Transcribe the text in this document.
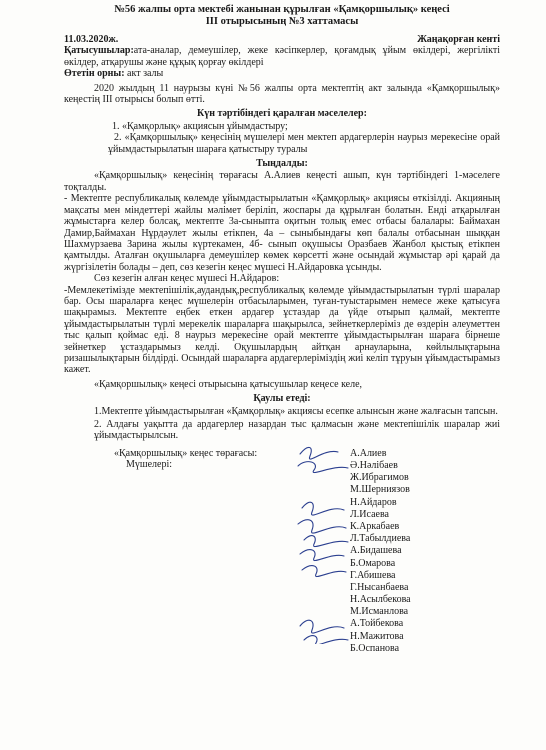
№56 жалпы орта мектебі жанынан құрылған «Қамқоршылық» кеңесі
ІІІ отырысының №3 хаттамасы
11.03.2020ж.	Жаңақорған кенті

Қатысушылар:ата-аналар, демеушілер, жеке кәсіпкерлер, қоғамдық ұйым өкілдері, жергілікті өкілдер, атқарушы және құқық қорғау өкілдері

Өтетін орны: акт залы

2020 жылдың 11 наурызы күні №56 жалпы орта мектептің акт залында «Қамқоршылық» кеңестің ІІІ отырысы болып өтті.

Күн тәртібіндегі қаралған мәселелер:

1. «Қамқорлық» акциясын ұйымдастыру;

2. «Қамқоршылық» кеңесінің мүшелері мен мектеп ардагерлерін наурыз мерекесіне орай ұйымдастырылатын шараға қатыстыру туралы

Тыңдалды:

«Қамқоршылық» кеңесінің төрағасы А.Алиев кеңесті ашып, күн тәртібіндегі 1-мәселеге тоқталды.

- Мектепте республикалық көлемде ұйымдастырылатын «Қамқорлық» акциясы өткізілді. Акцияның мақсаты мен міндеттері жайлы мәлімет беріліп, жоспары да құрылған болатын. Енді атқарылған жұмыстарға келер болсақ, мектепте 3а-сыныпта оқитын толық емес отбасы балалары: Баймахан Дамир,Баймахан Нұрдәулет жылы етікпен, 4а – сыныбындағы көп балалы отбасынан шыққан Шахмурзаева Зарина жылы күртекамен, 4б- сынып оқушысы Оразбаев Жанбол қыстық етікпен қамтылды. Аталған оқушыларға демеушілер көмек көрсетті және осындай жұмыстар әрі қарай да жүргізілетін болады – деп, сөз кезегін кеңес мүшесі Н.Айдаровка ұсынды.

Сөз кезегін алған кеңес мүшесі Н.Айдаров:

-Мемлекетімізде мектепішілік,аудандық,республикалық көлемде ұйымдастырылатын түрлі шаралар бар. Осы шараларға кеңес мүшелерін отбасыларымен, туған-туыстарымен немесе жеке қатысуға шақырамыз. Мектепте еңбек еткен ардагер ұстаздар да үйде отырып қалмай, мектепте ұйымдастырылатын түрлі мерекелік шараларға шақырылса, зейнеткерлеріміз де өздерін әлеуметтен тыс қалып қоймас еді. 8 наурыз мерекесіне орай мектепте ұйымдастырылған шараға бірнеше зейнеткер ұстаздарымыз келді. Оқушылардың айтқан арнауларына, көйлылықтарына ризашылықтарын білдірді. Осындай шараларға ардагерлеріміздің жиі келіп тұруын ұйымдастырамыз кажет.

«Қамқоршылық» кеңесі отырысына қатысушылар кеңесе келе,

Қаулы етеді:

1.Мектепте ұйымдастырылған «Қамқорлық» акциясы есепке алынсын және жалғасын тапсын.

2. Алдағы уақытта да ардагерлер назардан тыс қалмасын және мектепішілік шаралар жиі ұйымдастырылсын.

«Қамқоршылық» кеңес төрағасы:
Мүшелері:
А.Алиев
Ә.Нәлібаев
Ж.Ибрагимов
М.Шерниязов
Н.Айдаров
Л.Исаева
К.Аркабаев
Л.Табылдиева
А.Бидашева
Б.Омарова
Г.Абишева
Г.Нысанбаева
Н.Асылбекова
М.Исманлова
А.Тойбекова
Н.Мажитова
Б.Оспанова
